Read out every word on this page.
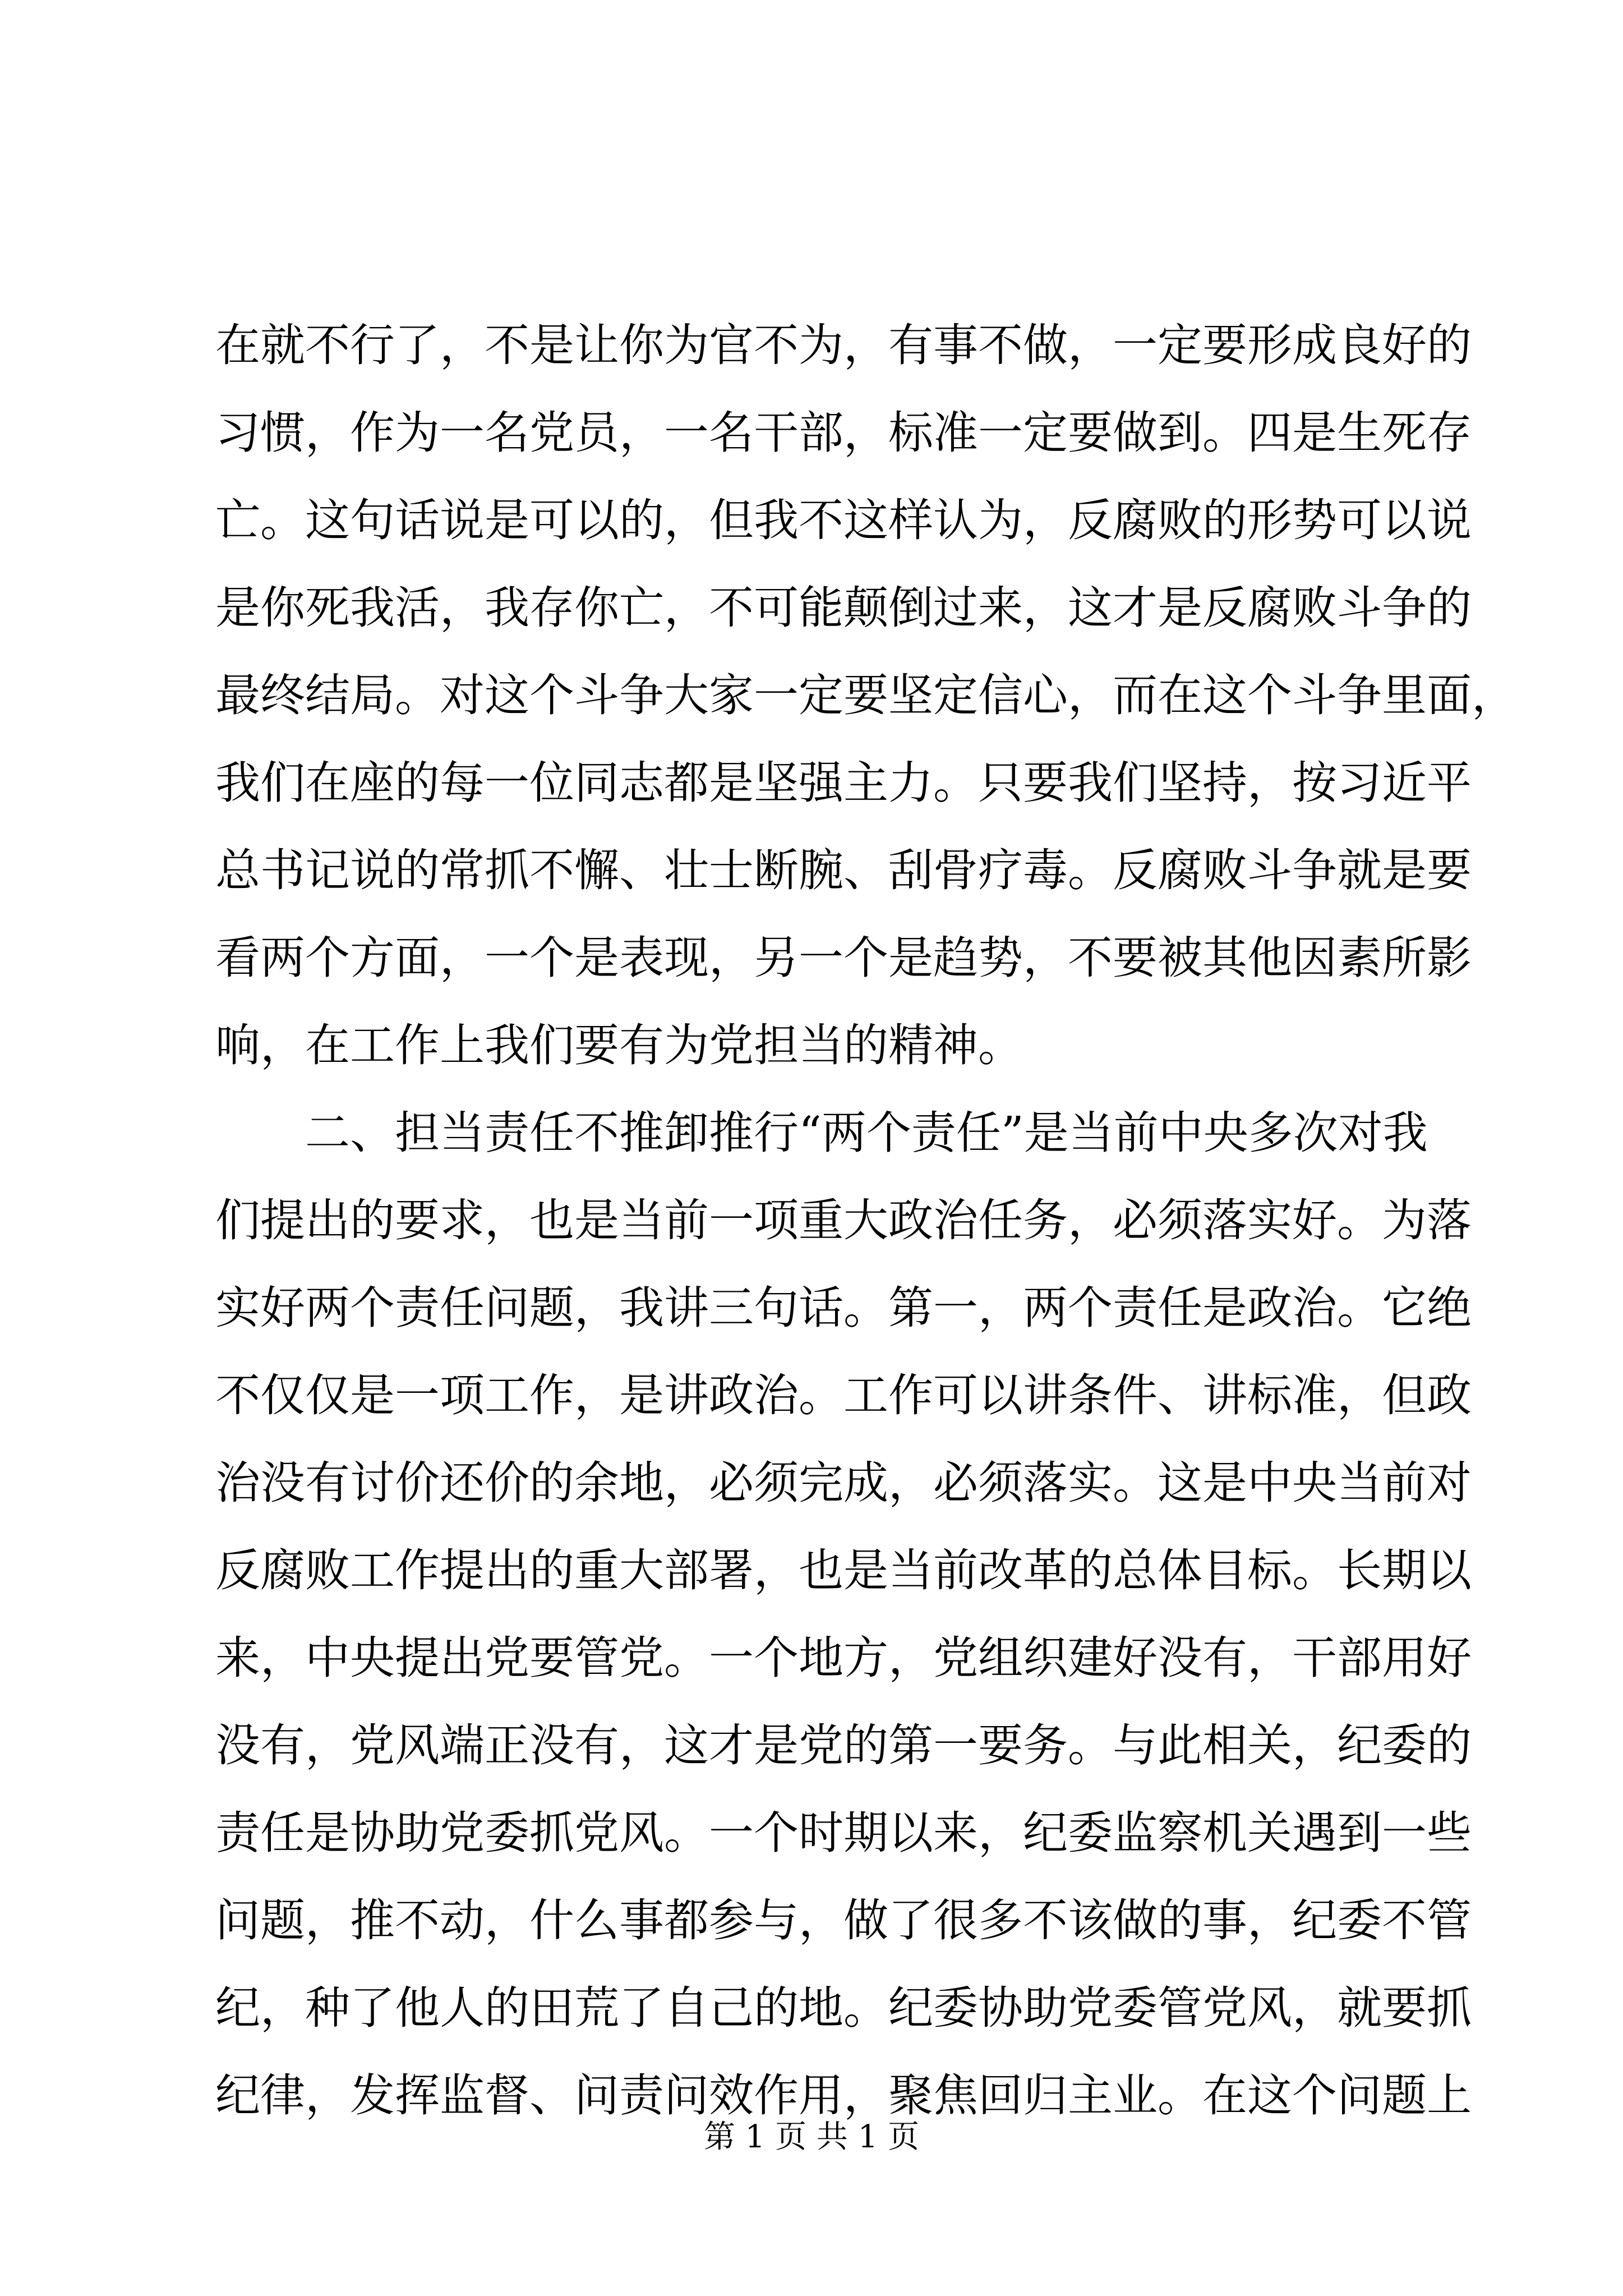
在就不行了，不是让你为官不为，有事不做，一定要形成良好的
习惯，作为一名党员，一名干部，标准一定要做到。四是生死存
亡。这句话说是可以的，但我不这样认为，反腐败的形势可以说
是你死我活，我存你亡，不可能颠倒过来，这才是反腐败斗争的
最终结局。对这个斗争大家一定要坚定信心，而在这个斗争里面，
我们在座的每一位同志都是坚强主力。只要我们坚持，按习近平
总书记说的常抓不懈、壮士断腕、刮骨疗毒。反腐败斗争就是要
看两个方面，一个是表现，另一个是趋势，不要被其他因素所影
响，在工作上我们要有为党担当的精神。
　　二、担当责任不推卸推行“两个责任”是当前中央多次对我
们提出的要求，也是当前一项重大政治任务，必须落实好。为落
实好两个责任问题，我讲三句话。第一，两个责任是政治。它绝
不仅仅是一项工作，是讲政治。工作可以讲条件、讲标准，但政
治没有讨价还价的余地，必须完成，必须落实。这是中央当前对
反腐败工作提出的重大部署，也是当前改革的总体目标。长期以
来，中央提出党要管党。一个地方，党组织建好没有，干部用好
没有，党风端正没有，这才是党的第一要务。与此相关，纪委的
责任是协助党委抓党风。一个时期以来，纪委监察机关遇到一些
问题，推不动，什么事都参与，做了很多不该做的事，纪委不管
纪，种了他人的田荒了自己的地。纪委协助党委管党风，就要抓
纪律，发挥监督、问责问效作用，聚焦回归主业。在这个问题上
第 1 页 共 1 页
